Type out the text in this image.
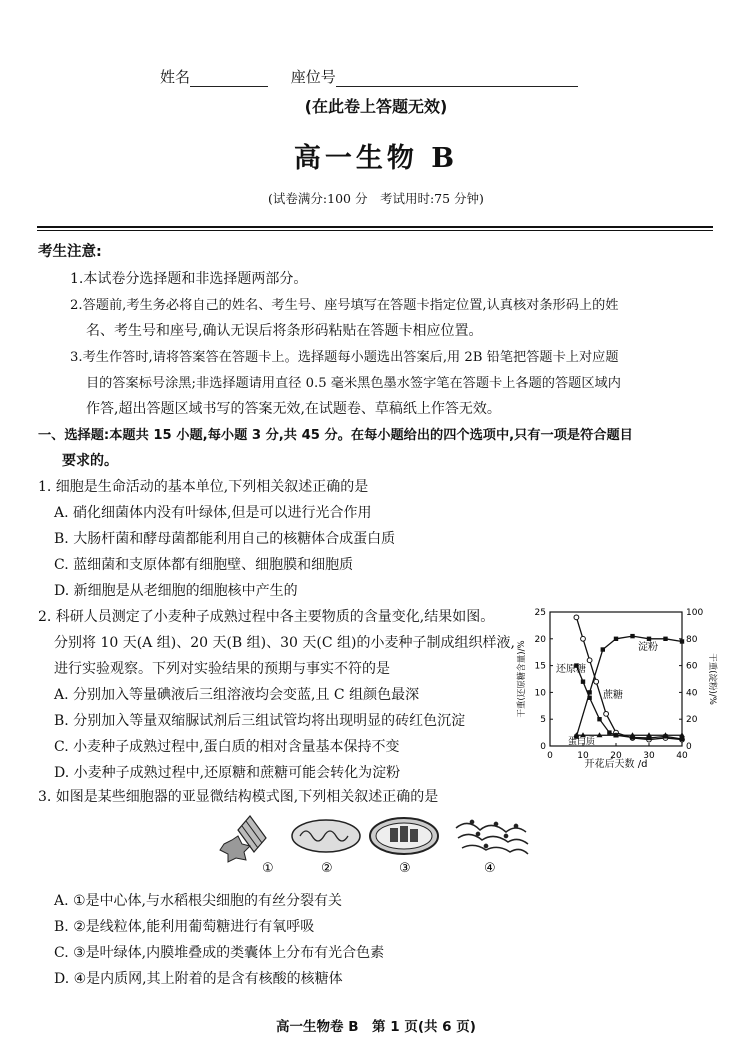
姓名	座位号
(在此卷上答题无效)
高一生物 B
(试卷满分:100 分　考试用时:75 分钟)
考生注意:
1.本试卷分选择题和非选择题两部分。
2.答题前,考生务必将自己的姓名、考生号、座号填写在答题卡指定位置,认真核对条形码上的姓
名、考生号和座号,确认无误后将条形码粘贴在答题卡相应位置。
3.考生作答时,请将答案答在答题卡上。选择题每小题选出答案后,用 2B 铅笔把答题卡上对应题
目的答案标号涂黑;非选择题请用直径 0.5 毫米黑色墨水签字笔在答题卡上各题的答题区域内
作答,超出答题区域书写的答案无效,在试题卷、草稿纸上作答无效。
一、选择题:本题共 15 小题,每小题 3 分,共 45 分。在每小题给出的四个选项中,只有一项是符合题目
要求的。
1. 细胞是生命活动的基本单位,下列相关叙述正确的是
A. 硝化细菌体内没有叶绿体,但是可以进行光合作用
B. 大肠杆菌和酵母菌都能利用自己的核糖体合成蛋白质
C. 蓝细菌和支原体都有细胞壁、细胞膜和细胞质
D. 新细胞是从老细胞的细胞核中产生的
2. 科研人员测定了小麦种子成熟过程中各主要物质的含量变化,结果如图。
分别将 10 天(A 组)、20 天(B 组)、30 天(C 组)的小麦种子制成组织样液,
进行实验观察。下列对实验结果的预期与事实不符的是
A. 分别加入等量碘液后三组溶液均会变蓝,且 C 组颜色最深
B. 分别加入等量双缩脲试剂后三组试管均将出现明显的砖红色沉淀
C. 小麦种子成熟过程中,蛋白质的相对含量基本保持不变
D. 小麦种子成熟过程中,还原糖和蔗糖可能会转化为淀粉
0	10 20 30 40
0
5
10
15
20
25
0
20
40
60
80
100
淀粉
还原糖
蔗糖
蛋白质
开花后天数 /d
干重(还原糖含量)/%	干重(淀粉)/%
3. 如图是某些细胞器的亚显微结构模式图,下列相关叙述正确的是
①	②	③	④
A. ①是中心体,与水稻根尖细胞的有丝分裂有关
B. ②是线粒体,能利用葡萄糖进行有氧呼吸
C. ③是叶绿体,内膜堆叠成的类囊体上分布有光合色素
D. ④是内质网,其上附着的是含有核酸的核糖体
高一生物卷 B　第 1 页(共 6 页)
